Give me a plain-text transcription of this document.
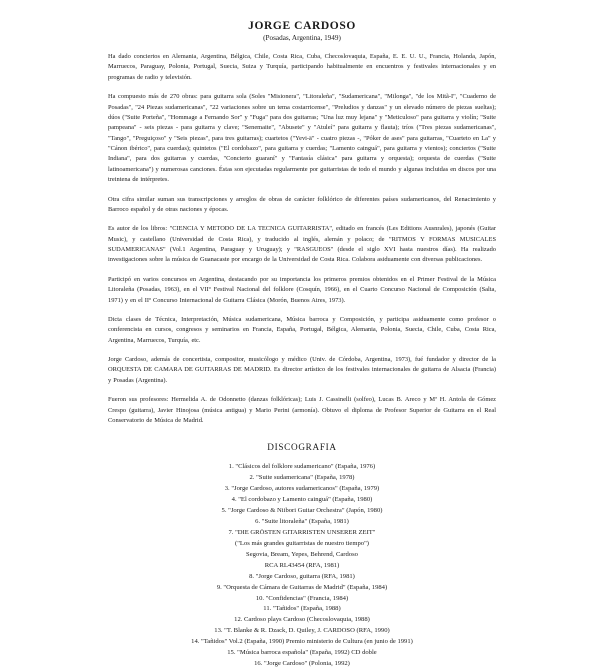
JORGE CARDOSO
(Posadas, Argentina, 1949)

Ha dado conciertos en Alemania, Argentina, Bélgica, Chile, Costa Rica, Cuba, Checoslovaquia, España, E. E. U. U., Francia, Holanda, Japón, Marruecos, Paraguay, Polonia, Portugal, Suecia, Suiza y Turquía, participando habitualmente en encuentros y festivales internacionales y en programas de radio y televisión.

Ha compuesto más de 270 obras: para guitarra sola (Soles "Misionera", "Litoraleña", "Sudamericana", "Milonga", "de los Mitã-I", "Cuaderno de Posadas", "24 Piezas sudamericanas", "22 variaciones sobre un tema costarricense", "Preludios y danzas" y un elevado número de piezas sueltas); dúos ("Suite Porteña", "Hommage a Fernando Sor" y "Fuga" para dos guitarras; "Una luz muy lejana" y "Meticuloso" para guitarra y violín; "Suite pampeana" - seis piezas - para guitarra y clave; "Senemaite", "Abusete" y "Atuleí" para guitarra y flauta); tríos ("Tres piezas sudamericanas", "Tango", "Preguiçoso" y "Seis piezas", para tres guitarras); cuartetos ("Yevi-ä" - cuatro piezas -, "Póker de ases" para guitarras, "Cuarteto en La" y "Cánon ibérico", para cuerdas); quintetos ("El cordobazo", para guitarra y cuerdas; "Lamento cainguá", para guitarra y vientos); conciertos ("Suite Indiana", para dos guitarras y cuerdas, "Concierto guaraní" y "Fantasía clásica" para guitarra y orquesta); orquesta de cuerdas ("Suite latinoamericana") y numerosas canciones. Éstas son ejecutadas regularmente por guitarristas de todo el mundo y algunas incluidas en discos por una treintena de intérpretes.

Otra cifra similar suman sus transcripciones y arreglos de obras de carácter folklórico de diferentes países sudamericanos, del Renacimiento y Barroco español y de otras naciones y épocas.

Es autor de los libros: "CIENCIA Y METODO DE LA TECNICA GUITARRISTA", editado en francés (Les Editions Ausnrales), japonés (Guitar Music), y castellano (Universidad de Costa Rica), y traducido al inglés, alemán y polaco; de "RITMOS Y FORMAS MUSICALES SUDAMERICANAS" (Vol.1 Argentina, Paraguay y Uruguay); y "RASGUEOS" (desde el siglo XVI hasta nuestros días). Ha realizado investigaciones sobre la música de Guanacaste por encargo de la Universidad de Costa Rica. Colabora asiduamente con diversas publicaciones.

Participó en varios concursos en Argentina, destacando por su importancia los primeros premios obtenidos en el Primer Festival de la Música Litoraleña (Posadas, 1963), en el VIIº Festival Nacional del folklore (Cosquín, 1966), en el Cuarto Concurso Nacional de Composición (Salta, 1971) y en el IIº Concurso Internacional de Guitarra Clásica (Morón, Buenos Aires, 1973).

Dicta clases de Técnica, Interpretación, Música sudamericana, Música barroca y Composición, y participa asiduamente como profesor o conferencista en cursos, congresos y seminarios en Francia, España, Portugal, Bélgica, Alemania, Polonia, Suecia, Chile, Cuba, Costa Rica, Argentina, Marruecos, Turquía, etc.

Jorge Cardoso, además de concertista, compositor, musicólogo y médico (Univ. de Córdoba, Argentina, 1973), fué fundador y director de la ORQUESTA DE CAMARA DE GUITARRAS DE MADRID. Es director artístico de los festivales internacionales de guitarra de Alsacia (Francia) y Posadas (Argentina).

Fueron sus profesores: Hermelida A. de Odonnetto (danzas folklóricas); Luis J. Cassinelli (solfeo), Lucas B. Areco y Mª H. Antola de Gómez Crespo (guitarra), Javier Hinojosa (música antigua) y Mario Perini (armonía). Obtuvo el diploma de Profesor Superior de Guitarra en el Real Conservatorio de Música de Madrid.

DISCOGRAFIA
1. "Clásicos del folklore sudamericano" (España, 1976)
2. "Suite sudamericana" (España, 1978)
3. "Jorge Cardoso, autores sudamericanos" (España, 1979)
4. "El cordobazo y Lamento cainguá" (España, 1980)
5. "Jorge Cardoso & Niibori Guitar Orchestra" (Japón, 1980)
6. "Suite litoraleña" (España, 1981)
7. "DIE GRÖSTEN GITARRISTEN UNSERER ZEIT"
("Los más grandes guitarristas de nuestro tiempo")
Segovia, Bream, Yepes, Behrend, Cardoso
RCA RL43454 (RFA, 1981)
8. "Jorge Cardoso, guitarra (RFA, 1981)
9. "Orquesta de Cámara de Guitarras de Madrid" (España, 1984)
10. "Confidencias" (Francia, 1984)
11. "Tañidos" (España, 1988)
12. Cardoso plays Cardoso (Checoslovaquia, 1988)
13. "T. Blanke & R. Dzack, D. Quiley, J. CARDOSO (RFA, 1990)
14. "Tañidos" Vol.2 (España, 1990) Premio ministerio de Cultura (en junio de 1991)
15. "Música barroca española" (España, 1992) CD doble
16. "Jorge Cardoso" (Polonia, 1992)
